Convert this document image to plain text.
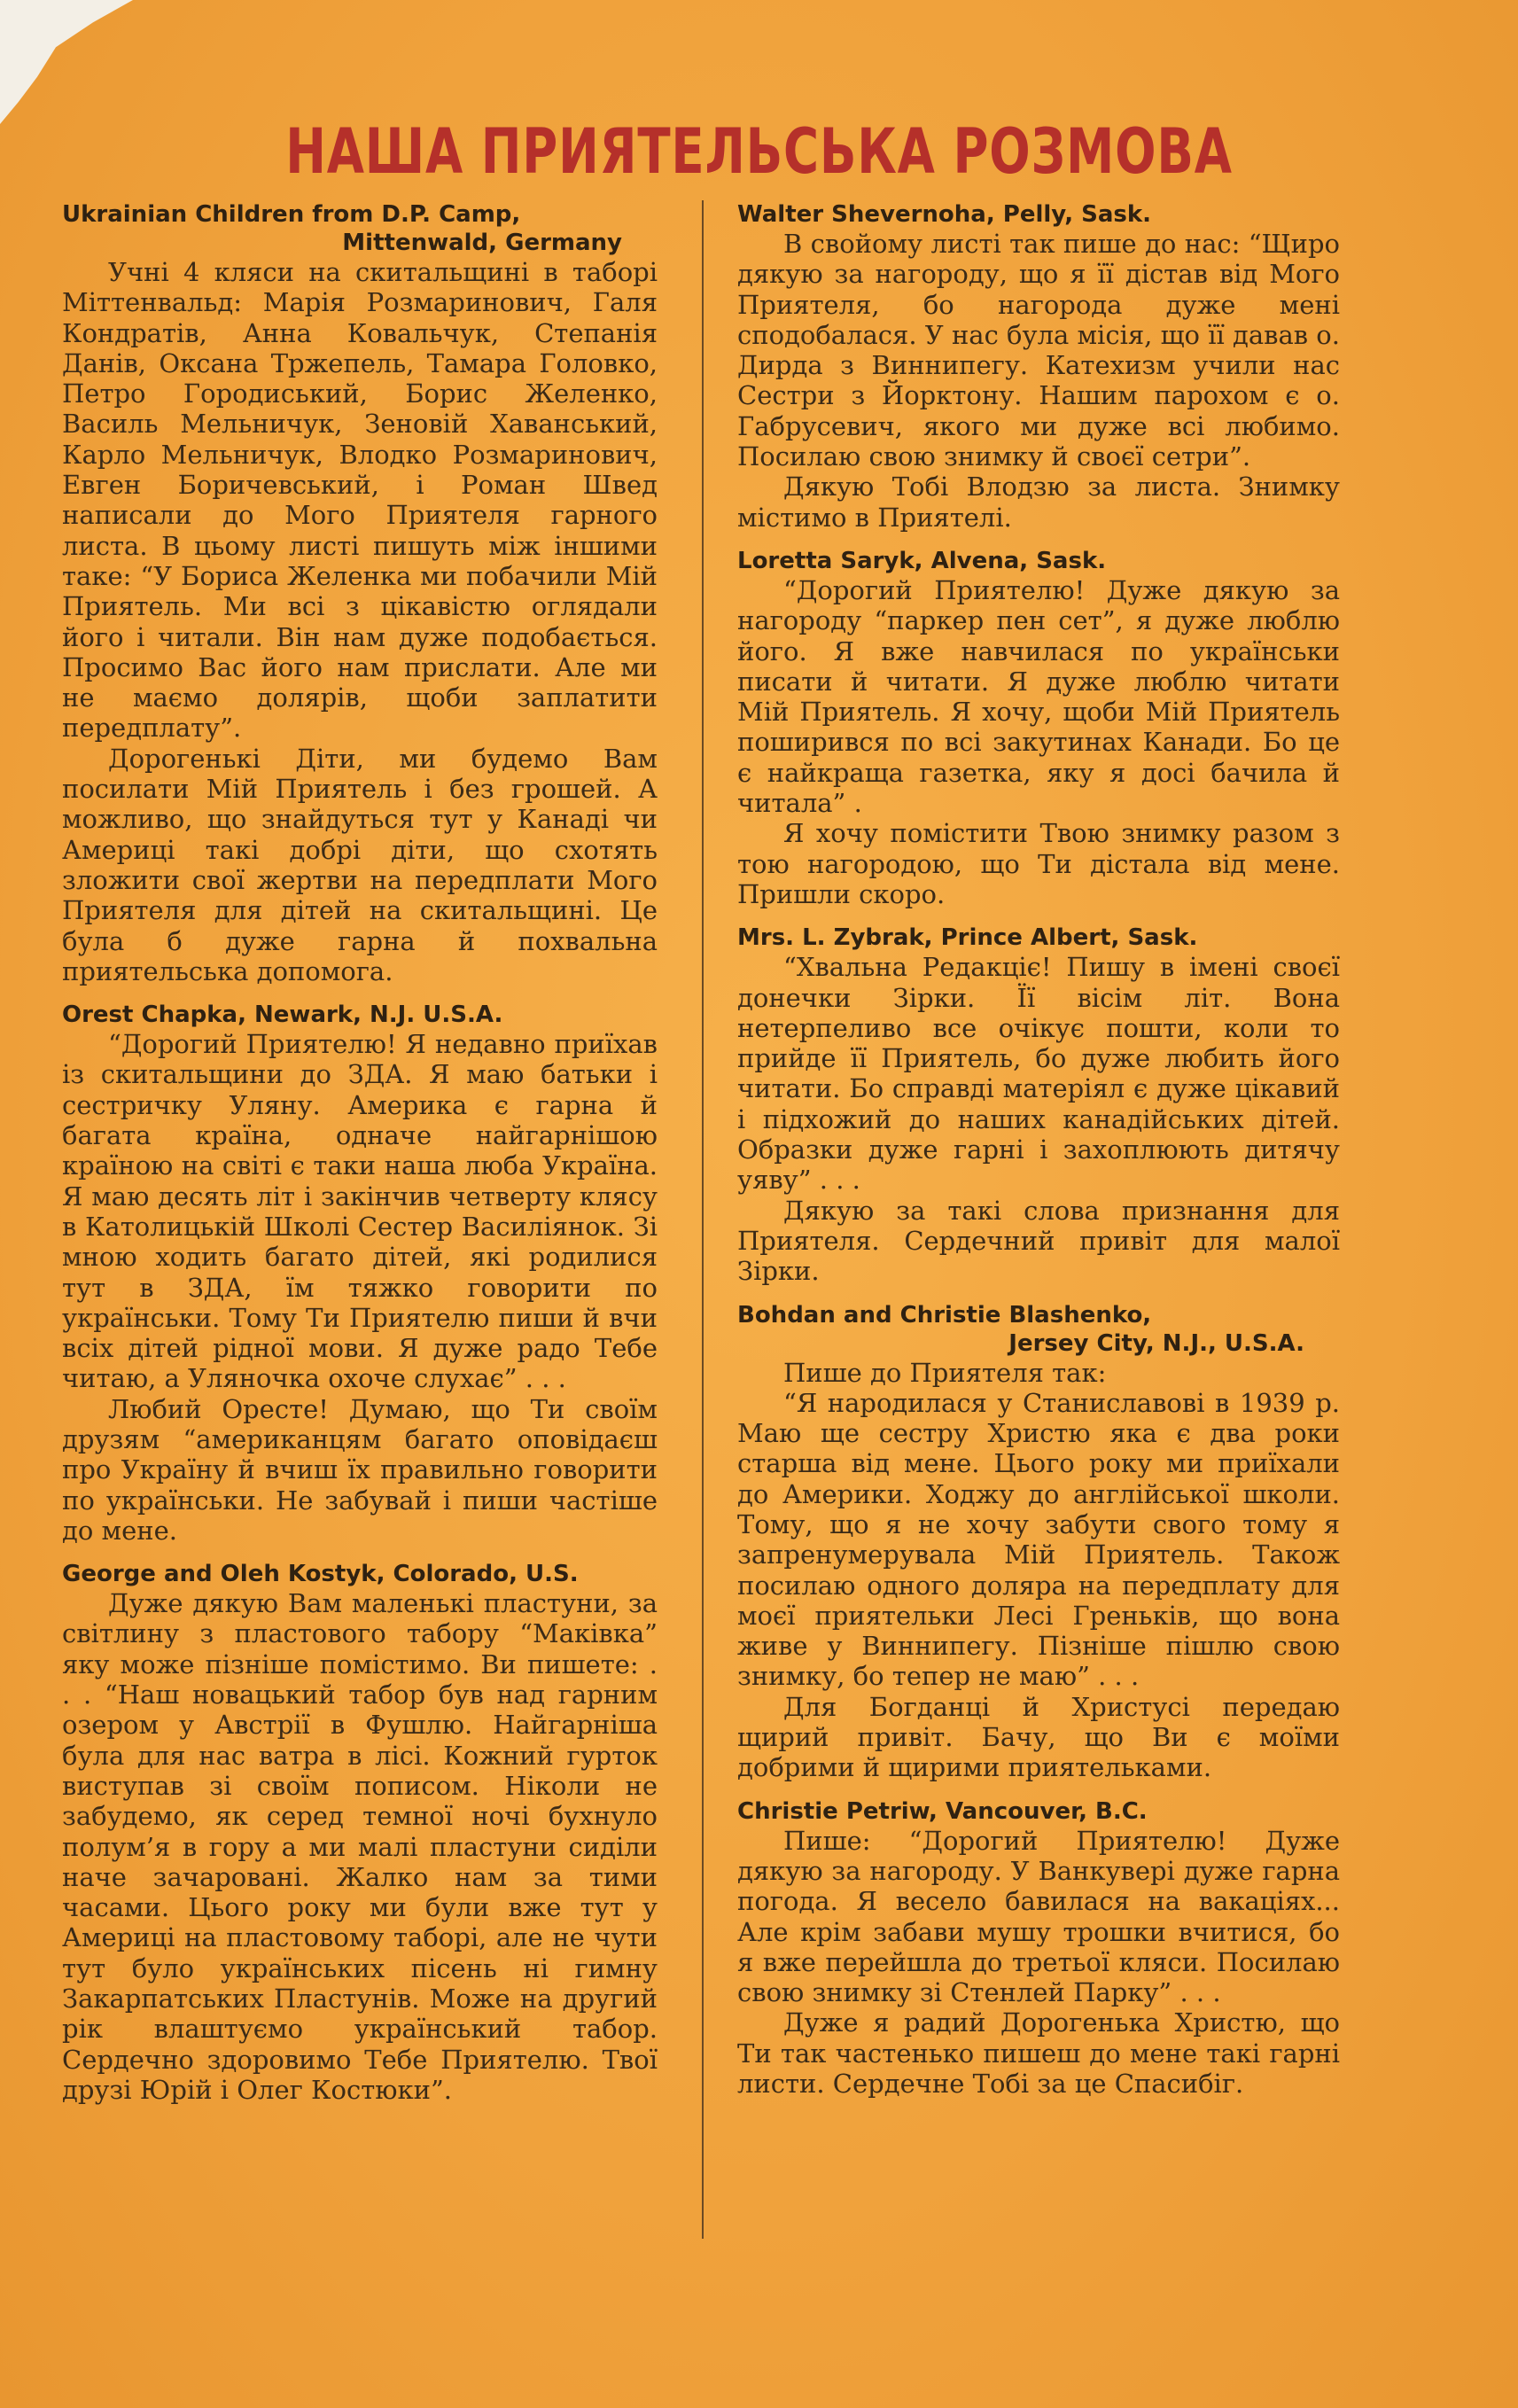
НАША ПРИЯТЕЛЬСЬКА РОЗМОВА
Ukrainian Children from D.P. Camp,
Mittenwald, Germany

Учні 4 кляси на скитальщині в таборі Міттенвальд: Марія Розмаринович, Галя Кондратів, Анна Ковальчук, Степанія Данів, Оксана Тржепель, Тамара Головко, Петро Городиський, Борис Желенко, Василь Мельничук, Зеновій Хаванський, Карло Мельничук, Влодко Розмаринович, Евген Боричевський, і Роман Швед написали до Мого Приятеля гарного листа. В цьому листі пишуть між іншими таке: “У Бориса Желенка ми побачили Мій Приятель. Ми всі з цікавістю оглядали його і читали. Він нам дуже подобається. Просимо Вас його нам прислати. Але ми не маємо долярів, щоби заплатити передплату”.

Дорогенькі Діти, ми будемо Вам посилати Мій Приятель і без грошей. А можливо, що знайдуться тут у Канаді чи Америці такі добрі діти, що схотять зложити свої жертви на передплати Мого Приятеля для дітей на скитальщині. Це була б дуже гарна й похвальна приятельська допомога.

Orest Chapka, Newark, N.J. U.S.A.

“Дорогий Приятелю! Я недавно приїхав із скитальщини до ЗДА. Я маю батьки і сестричку Уляну. Америка є гарна й багата країна, одначе найгарнішою країною на світі є таки наша люба Україна. Я маю десять літ і закінчив четверту клясу в Католицькій Школі Сестер Василіянок. Зі мною ходить багато дітей, які родилися тут в ЗДА, їм тяжко говорити по українськи. Тому Ти Приятелю пиши й вчи всіх дітей рідної мови. Я дуже радо Тебе читаю, а Уляночка охоче слухає” . . .

Любий Оресте! Думаю, що Ти своїм друзям “американцям багато оповідаєш про Україну й вчиш їх правильно говорити по українськи. Не забувай і пиши частіше до мене.

George and Oleh Kostyk, Colorado, U.S.

Дуже дякую Вам маленькі пластуни, за світлину з пластового табору “Маківка” яку може пізніше помістимо. Ви пишете: . . . “Наш новацький табор був над гарним озером у Австрії в Фушлю. Найгарніша була для нас ватра в лісі. Кожний гурток виступав зі своїм пописом. Ніколи не забудемо, як серед темної ночі бухнуло полум’я в гору а ми малі пластуни сиділи наче зачаровані. Жалко нам за тими часами. Цього року ми були вже тут у Америці на пластовому таборі, але не чути тут було українських пісень ні гимну Закарпатських Пластунів. Може на другий рік влаштуємо український табор. Сердечно здоровимо Тебе Приятелю. Твої друзі Юрій і Олег Костюки”.

Walter Shevernoha, Pelly, Sask.

В свойому листі так пише до нас: “Щиро дякую за нагороду, що я її дістав від Мого Приятеля, бо нагорода дуже мені сподобалася. У нас була місія, що її давав о. Дирда з Виннипегу. Катехизм учили нас Сестри з Йорктону. Нашим парохом є о. Габрусевич, якого ми дуже всі любимо. Посилаю свою знимку й своєї сетри”.

Дякую Тобі Влодзю за листа. Знимку містимо в Приятелі.

Loretta Saryk, Alvena, Sask.

“Дорогий Приятелю! Дуже дякую за нагороду “паркер пен сет”, я дуже люблю його. Я вже навчилася по українськи писати й читати. Я дуже люблю читати Мій Приятель. Я хочу, щоби Мій Приятель поширився по всі закутинах Канади. Бо це є найкраща газетка, яку я досі бачила й читала” .

Я хочу помістити Твою знимку разом з тою нагородою, що Ти дістала від мене. Пришли скоро.

Mrs. L. Zybrak, Prince Albert, Sask.

“Хвальна Редакціє! Пишу в імені своєї донечки Зірки. Її вісім літ. Вона нетерпеливо все очікує пошти, коли то прийде її Приятель, бо дуже любить його читати. Бо справді матеріял є дуже цікавий і підхожий до наших канадійських дітей. Образки дуже гарні і захоплюють дитячу уяву” . . .

Дякую за такі слова признання для Приятеля. Сердечний привіт для малої Зірки.

Bohdan and Christie Blashenko,
Jersey City, N.J., U.S.A.

Пише до Приятеля так:

“Я народилася у Станиславові в 1939 р. Маю ще сестру Христю яка є два роки старша від мене. Цього року ми приїхали до Америки. Ходжу до англійської школи. Тому, що я не хочу забути свого тому я запренумерувала Мій Приятель. Також посилаю одного доляра на передплату для моєї приятельки Лесі Греньків, що вона живе у Виннипегу. Пізніше пішлю свою знимку, бо тепер не маю” . . .

Для Богданці й Христусі передаю щирий привіт. Бачу, що Ви є моїми добрими й щирими приятельками.

Christie Petriw, Vancouver, B.C.

Пише: “Дорогий Приятелю! Дуже дякую за нагороду. У Ванкувері дуже гарна погода. Я весело бавилася на вакаціях... Але крім забави мушу трошки вчитися, бо я вже перейшла до третьої кляси. Посилаю свою знимку зі Стенлей Парку” . . .

Дуже я радий Дорогенька Христю, що Ти так частенько пишеш до мене такі гарні листи. Сердечне Тобі за це Спасибіг.
